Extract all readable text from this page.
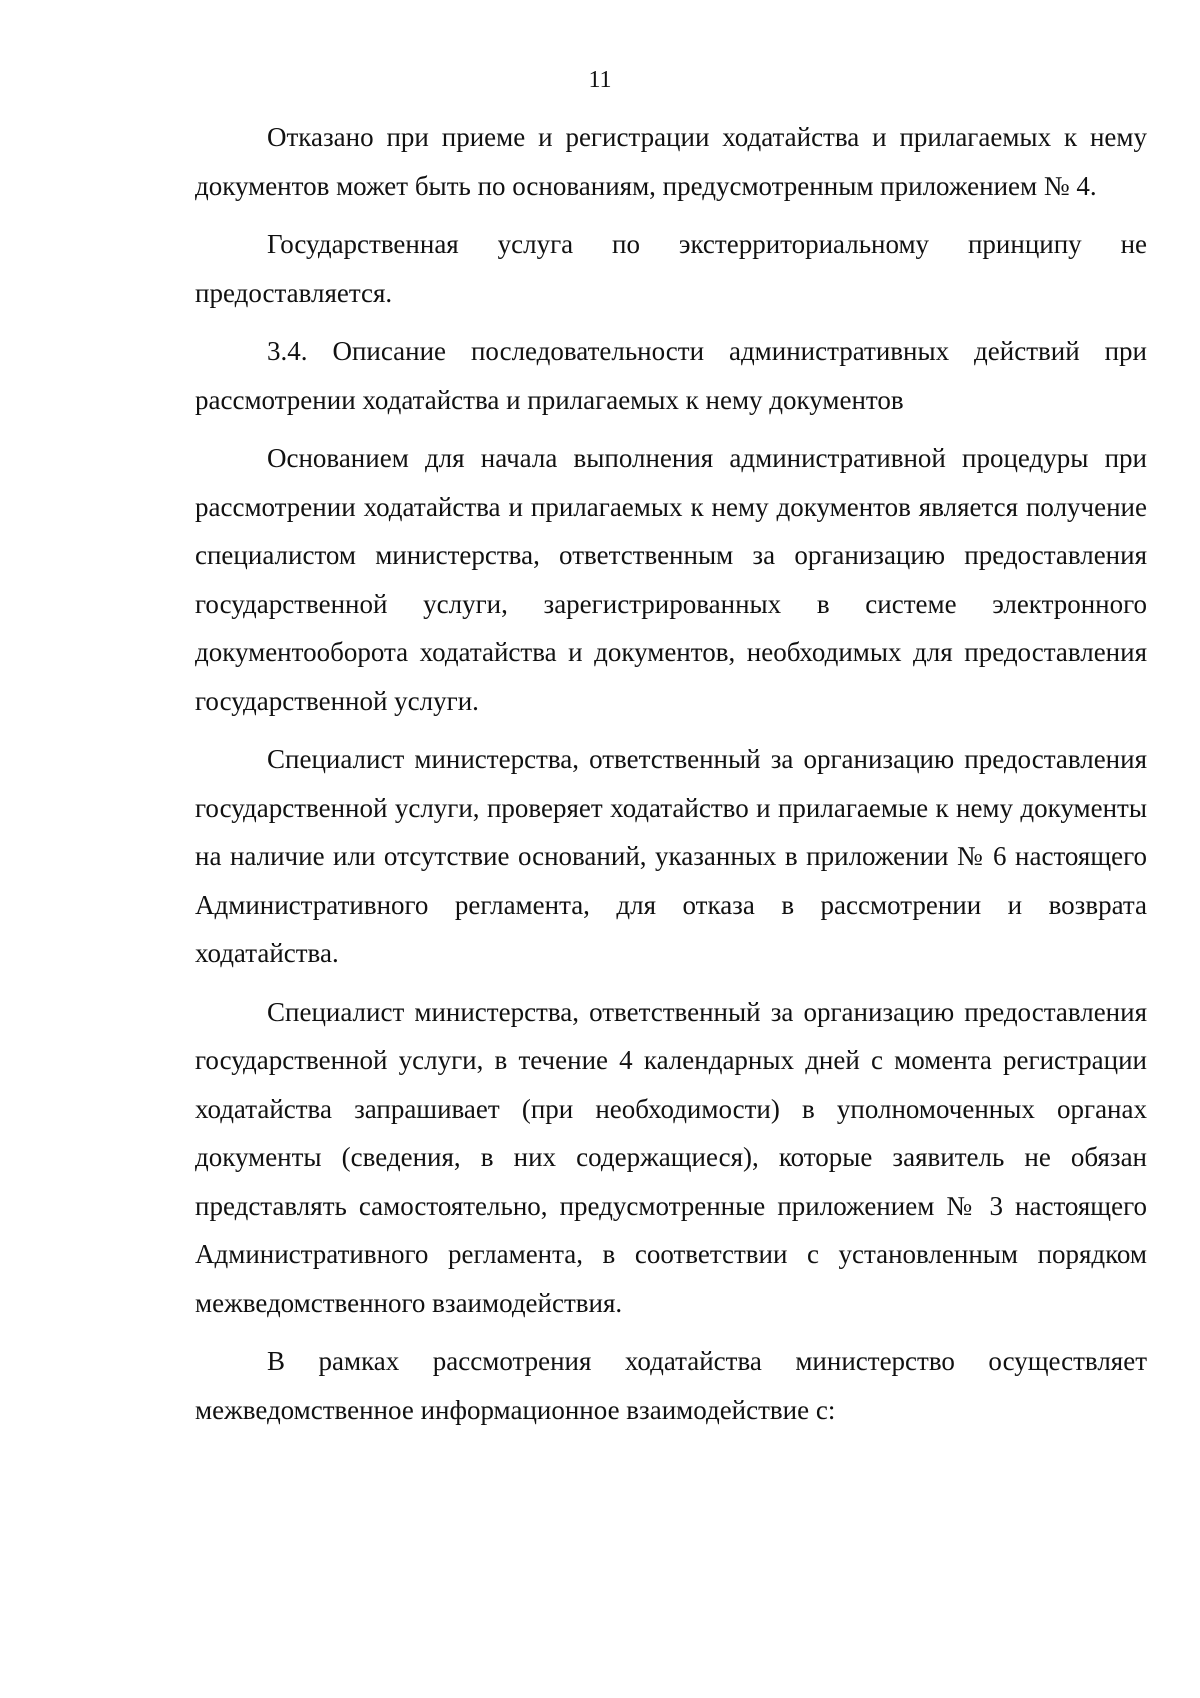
11

Отказано при приеме и регистрации ходатайства и прилагаемых к нему документов может быть по основаниям, предусмотренным приложением № 4.

Государственная услуга по экстерриториальному принципу не предоставляется.

3.4. Описание последовательности административных действий при рассмотрении ходатайства и прилагаемых к нему документов

Основанием для начала выполнения административной процедуры при рассмотрении ходатайства и прилагаемых к нему документов является получение специалистом министерства, ответственным за организацию предоставления государственной услуги, зарегистрированных в системе электронного документооборота ходатайства и документов, необходимых для предоставления государственной услуги.

Специалист министерства, ответственный за организацию предоставления государственной услуги, проверяет ходатайство и прилагаемые к нему документы на наличие или отсутствие оснований, указанных в приложении № 6 настоящего Административного регламента, для отказа в рассмотрении и возврата ходатайства.

Специалист министерства, ответственный за организацию предоставления государственной услуги, в течение 4 календарных дней с момента регистрации ходатайства запрашивает (при необходимости) в уполномоченных органах документы (сведения, в них содержащиеся), которые заявитель не обязан представлять самостоятельно, предусмотренные приложением № 3 настоящего Административного регламента, в соответствии с установленным порядком межведомственного взаимодействия.

В рамках рассмотрения ходатайства министерство осуществляет межведомственное информационное взаимодействие с:
